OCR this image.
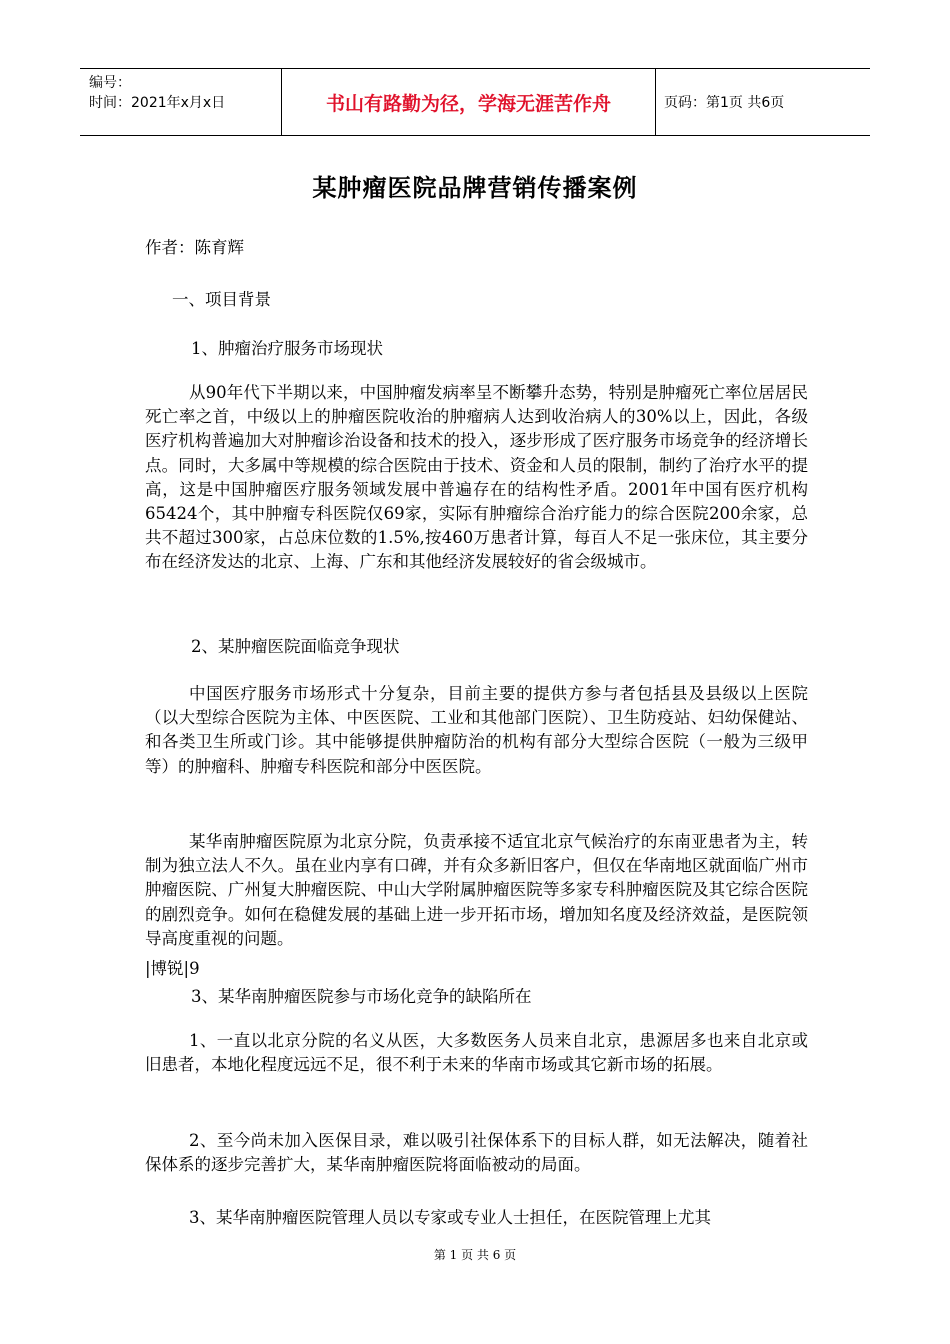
编号：
时间：2021年x月x日	书山有路勤为径，学海无涯苦作舟	页码：第1页 共6页
某肿瘤医院品牌营销传播案例
作者：陈育辉
一、项目背景
1、肿瘤治疗服务市场现状

从90年代下半期以来，中国肿瘤发病率呈不断攀升态势，特别是肿瘤死亡率位居居民死亡率之首，中级以上的肿瘤医院收治的肿瘤病人达到收治病人的30%以上，因此，各级医疗机构普遍加大对肿瘤诊治设备和技术的投入，逐步形成了医疗服务市场竞争的经济增长点。同时，大多属中等规模的综合医院由于技术、资金和人员的限制，制约了治疗水平的提高，这是中国肿瘤医疗服务领域发展中普遍存在的结构性矛盾。2001年中国有医疗机构65424个，其中肿瘤专科医院仅69家，实际有肿瘤综合治疗能力的综合医院200余家，总共不超过300家，占总床位数的1.5%,按460万患者计算，每百人不足一张床位，其主要分布在经济发达的北京、上海、广东和其他经济发展较好的省会级城市。

2、某肿瘤医院面临竞争现状

中国医疗服务市场形式十分复杂，目前主要的提供方参与者包括县及县级以上医院（以大型综合医院为主体、中医医院、工业和其他部门医院）、卫生防疫站、妇幼保健站、和各类卫生所或门诊。其中能够提供肿瘤防治的机构有部分大型综合医院（一般为三级甲等）的肿瘤科、肿瘤专科医院和部分中医医院。

某华南肿瘤医院原为北京分院，负责承接不适宜北京气候治疗的东南亚患者为主，转制为独立法人不久。虽在业内享有口碑，并有众多新旧客户，但仅在华南地区就面临广州市肿瘤医院、广州复大肿瘤医院、中山大学附属肿瘤医院等多家专科肿瘤医院及其它综合医院的剧烈竞争。如何在稳健发展的基础上进一步开拓市场，增加知名度及经济效益，是医院领导高度重视的问题。

|博锐|9
3、某华南肿瘤医院参与市场化竞争的缺陷所在

1、一直以北京分院的名义从医，大多数医务人员来自北京，患源居多也来自北京或旧患者，本地化程度远远不足，很不利于未来的华南市场或其它新市场的拓展。

2、至今尚未加入医保目录，难以吸引社保体系下的目标人群，如无法解决，随着社保体系的逐步完善扩大，某华南肿瘤医院将面临被动的局面。

3、某华南肿瘤医院管理人员以专家或专业人士担任，在医院管理上尤其

第 1 页 共 6 页
